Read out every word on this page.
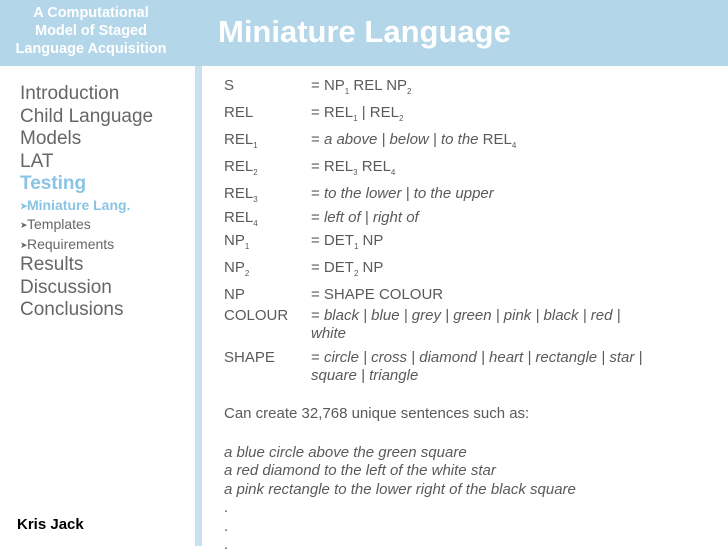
A Computational
Model of Staged
Language Acquisition	Miniature Language
Introduction
Child Language
Models
LAT
Testing
➤Miniature Lang.
➤Templates
➤Requirements
Results
Discussion
Conclusions
Kris Jack
S	= $NP_1$ REL $NP_2$
REL	= $REL_1$ | $REL_2$
$REL_1$	= a above | below | to the $REL_4$
$REL_2$	= $REL_3$ $REL_4$
$REL_3$	= to the lower | to the upper
$REL_4$	= left of | right of
$NP_1$	= $DET_1$ NP
$NP_2$	= $DET_2$ NP
NP	= SHAPE COLOUR
COLOUR = black | blue | grey | green | pink | black | red | white
SHAPE = circle | cross | diamond | heart | rectangle | star | square | triangle
Can create 32,768 unique sentences such as:
a blue circle above the green square
a red diamond to the left of the white star
a pink rectangle to the lower right of the black square
.
.
.
